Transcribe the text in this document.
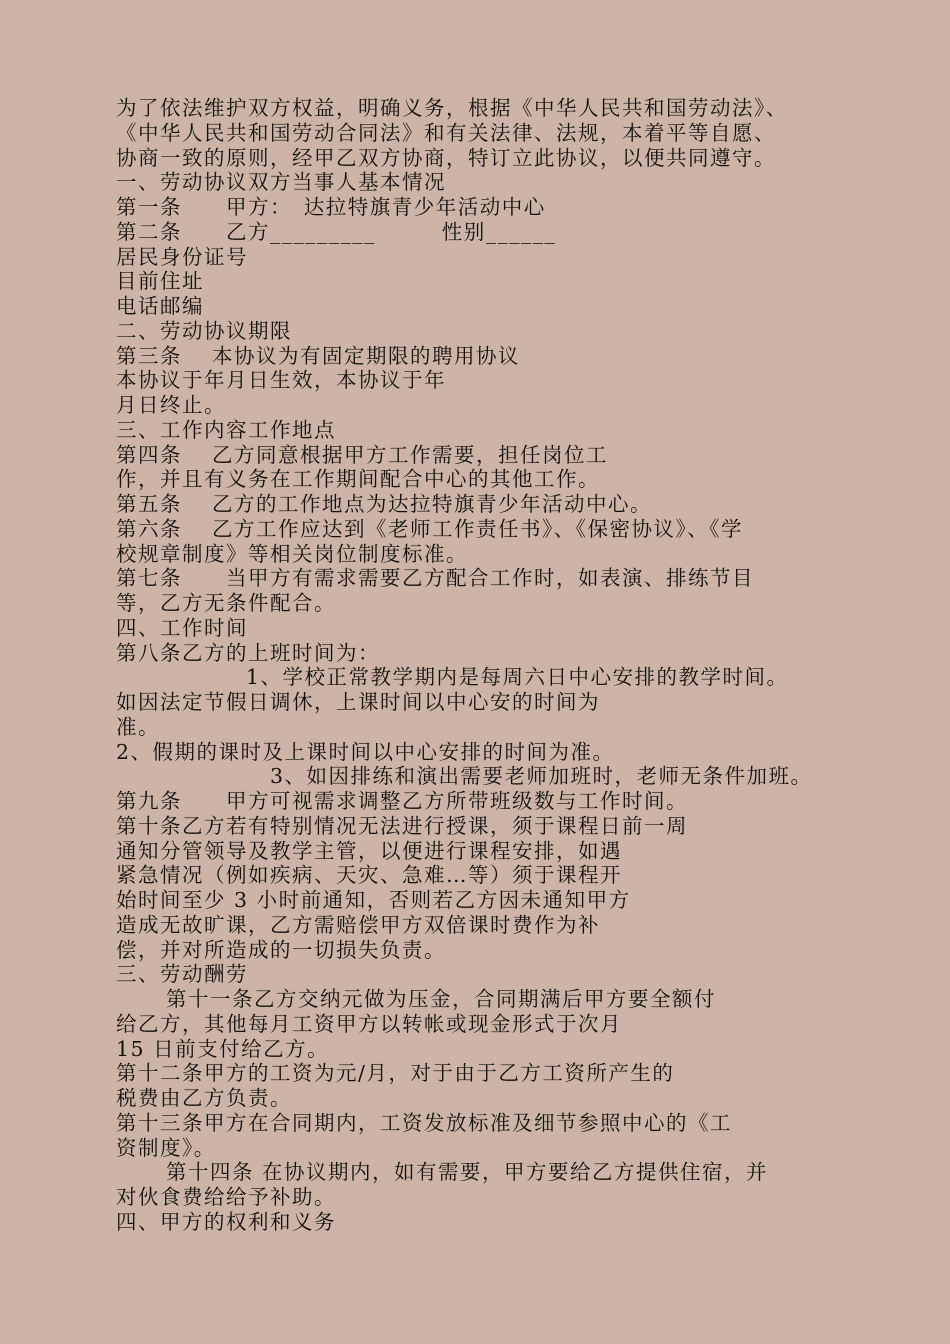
为了依法维护双方权益，明确义务，根据《中华人民共和国劳动法》、
《中华人民共和国劳动合同法》和有关法律、法规，本着平等自愿、
协商一致的原则，经甲乙双方协商，特订立此协议，以便共同遵守。
一、劳动协议双方当事人基本情况
第一条　　甲方：　达拉特旗青少年活动中心
第二条　　乙方_________　　　性别______
居民身份证号
目前住址
电话邮编
二、劳动协议期限
第三条　 本协议为有固定期限的聘用协议
本协议于年月日生效，本协议于年
月日终止。
三、工作内容工作地点
第四条　 乙方同意根据甲方工作需要，担任岗位工
作，并且有义务在工作期间配合中心的其他工作。
第五条　 乙方的工作地点为达拉特旗青少年活动中心。
第六条　 乙方工作应达到《老师工作责任书》、《保密协议》、《学
校规章制度》等相关岗位制度标准。
第七条　　当甲方有需求需要乙方配合工作时，如表演、排练节目
等，乙方无条件配合。
四、工作时间
第八条乙方的上班时间为：
1、学校正常教学期内是每周六日中心安排的教学时间。
如因法定节假日调休，上课时间以中心安的时间为
准。
2、假期的课时及上课时间以中心安排的时间为准。
3、如因排练和演出需要老师加班时，老师无条件加班。
第九条　　甲方可视需求调整乙方所带班级数与工作时间。
第十条乙方若有特别情况无法进行授课，须于课程日前一周
通知分管领导及教学主管，以便进行课程安排，如遇
紧急情况（例如疾病、天灾、急难…等）须于课程开
始时间至少 3 小时前通知，否则若乙方因未通知甲方
造成无故旷课，乙方需赔偿甲方双倍课时费作为补
偿，并对所造成的一切损失负责。
三、劳动酬劳
第十一条乙方交纳元做为压金，合同期满后甲方要全额付
给乙方，其他每月工资甲方以转帐或现金形式于次月
15 日前支付给乙方。
第十二条甲方的工资为元/月，对于由于乙方工资所产生的
税费由乙方负责。
第十三条甲方在合同期内，工资发放标准及细节参照中心的《工
资制度》。
第十四条 在协议期内，如有需要，甲方要给乙方提供住宿，并
对伙食费给给予补助。
四、甲方的权利和义务
